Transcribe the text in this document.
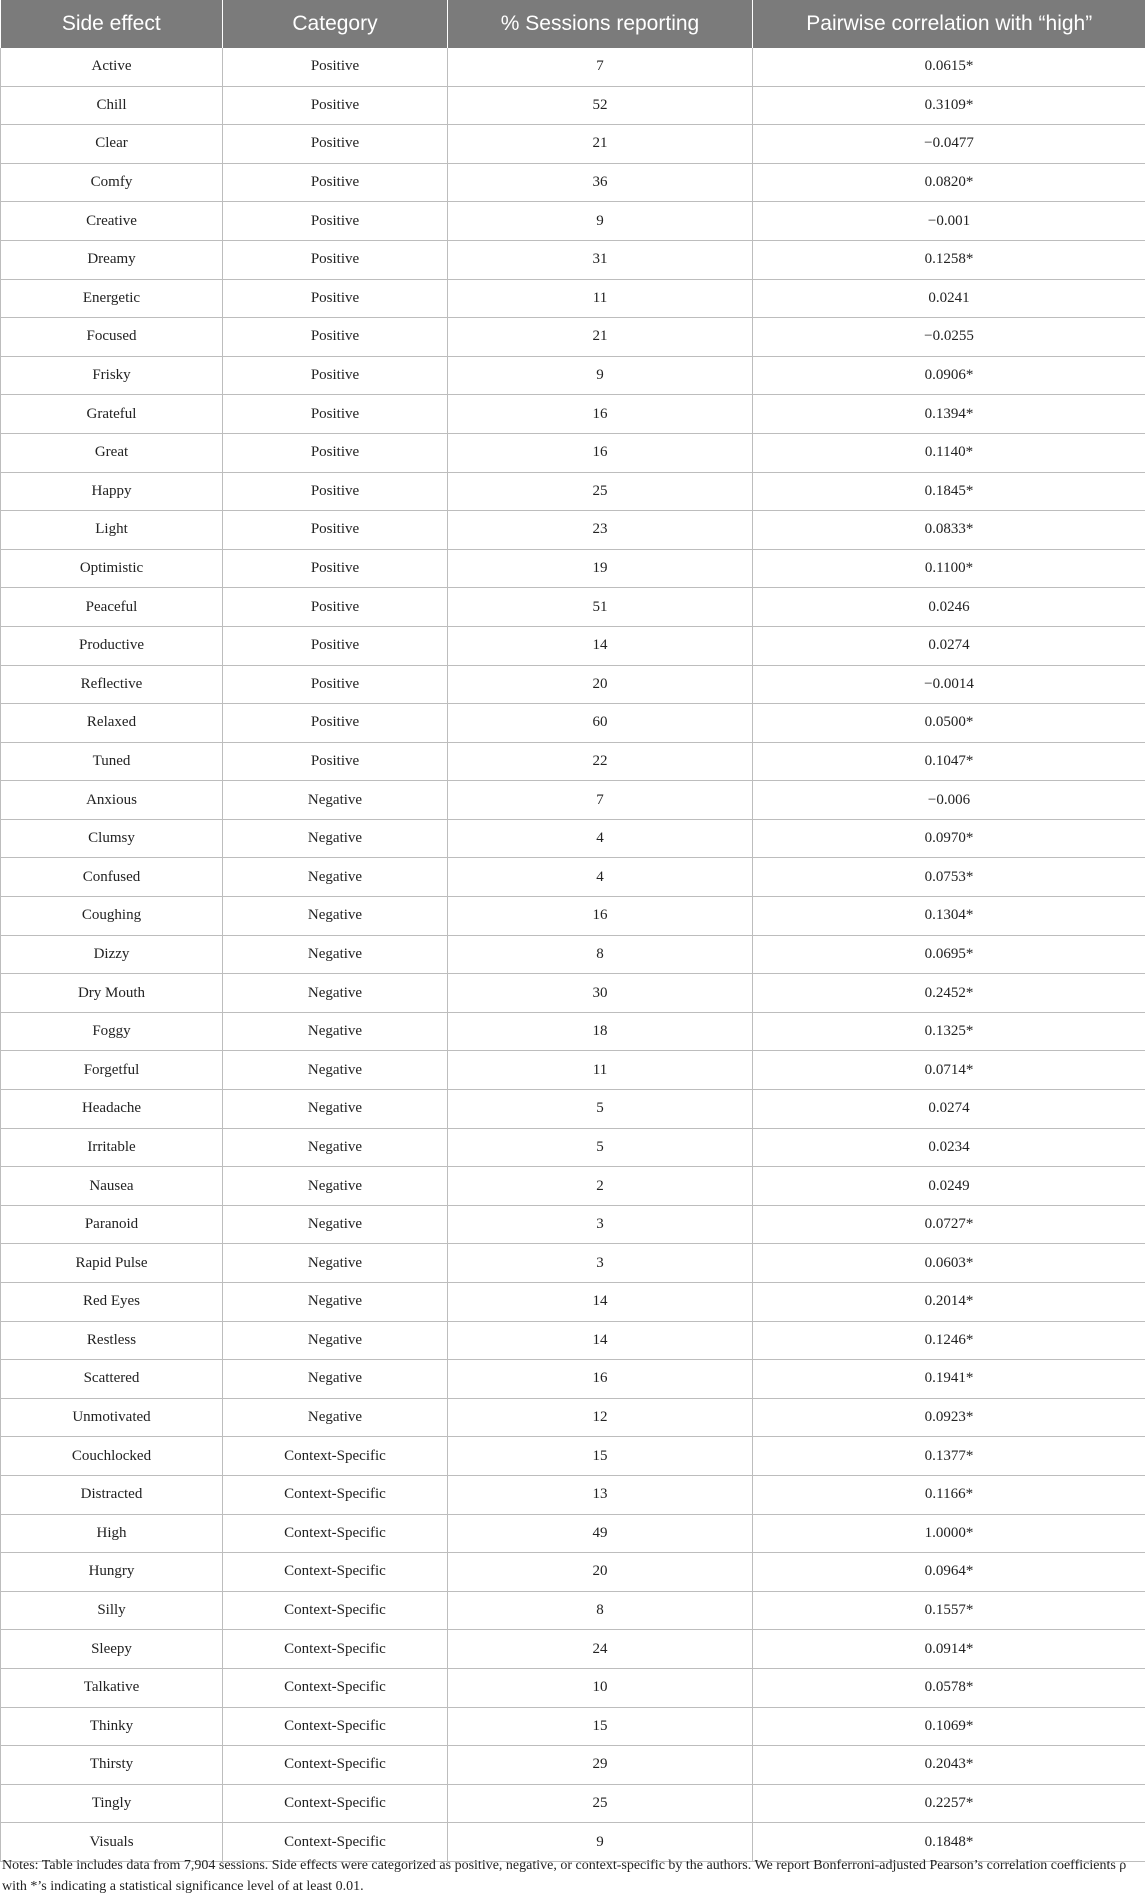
Side effect	Category	% Sessions reporting	Pairwise correlation with “high”
Active	Positive	7	0.0615*
Chill	Positive	52	0.3109*
Clear	Positive	21	−0.0477
Comfy	Positive	36	0.0820*
Creative	Positive	9	−0.001
Dreamy	Positive	31	0.1258*
Energetic	Positive	11	0.0241
Focused	Positive	21	−0.0255
Frisky	Positive	9	0.0906*
Grateful	Positive	16	0.1394*
Great	Positive	16	0.1140*
Happy	Positive	25	0.1845*
Light	Positive	23	0.0833*
Optimistic	Positive	19	0.1100*
Peaceful	Positive	51	0.0246
Productive	Positive	14	0.0274
Reflective	Positive	20	−0.0014
Relaxed	Positive	60	0.0500*
Tuned	Positive	22	0.1047*
Anxious	Negative	7	−0.006
Clumsy	Negative	4	0.0970*
Confused	Negative	4	0.0753*
Coughing	Negative	16	0.1304*
Dizzy	Negative	8	0.0695*
Dry Mouth	Negative	30	0.2452*
Foggy	Negative	18	0.1325*
Forgetful	Negative	11	0.0714*
Headache	Negative	5	0.0274
Irritable	Negative	5	0.0234
Nausea	Negative	2	0.0249
Paranoid	Negative	3	0.0727*
Rapid Pulse	Negative	3	0.0603*
Red Eyes	Negative	14	0.2014*
Restless	Negative	14	0.1246*
Scattered	Negative	16	0.1941*
Unmotivated	Negative	12	0.0923*
Couchlocked	Context-Specific	15	0.1377*
Distracted	Context-Specific	13	0.1166*
High	Context-Specific	49	1.0000*
Hungry	Context-Specific	20	0.0964*
Silly	Context-Specific	8	0.1557*
Sleepy	Context-Specific	24	0.0914*
Talkative	Context-Specific	10	0.0578*
Thinky	Context-Specific	15	0.1069*
Thirsty	Context-Specific	29	0.2043*
Tingly	Context-Specific	25	0.2257*
Visuals	Context-Specific	9	0.1848*
Notes: Table includes data from 7,904 sessions. Side effects were categorized as positive, negative, or context-specific by the authors. We report Bonferroni-adjusted Pearson’s correlation coefficients ρ with *’s indicating a statistical significance level of at least 0.01.
